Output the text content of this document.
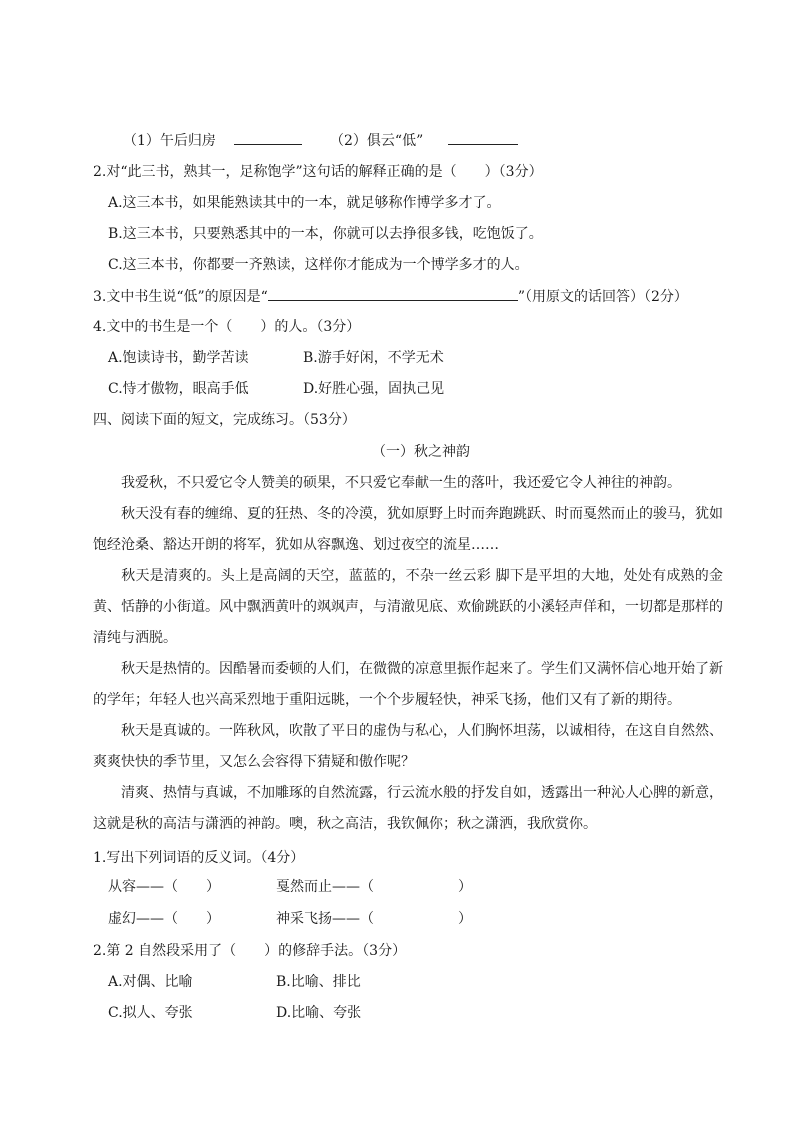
（1）午后归房	（2）俱云“低”
2.对“此三书，熟其一，足称饱学”这句话的解释正确的是（　　）（3分）
A.这三本书，如果能熟读其中的一本，就足够称作博学多才了。
B.这三本书，只要熟悉其中的一本，你就可以去挣很多钱，吃饱饭了。
C.这三本书，你都要一齐熟读，这样你才能成为一个博学多才的人。
3.文中书生说“低”的原因是“	”（用原文的话回答）（2分）
4.文中的书生是一个（　　）的人。（3分）
A.饱读诗书，勤学苦读	B.游手好闲，不学无术
C.恃才傲物，眼高手低	D.好胜心强，固执己见
四、阅读下面的短文，完成练习。（53分）
（一）秋之神韵
我爱秋，不只爱它令人赞美的硕果，不只爱它奉献一生的落叶，我还爱它令人神往的神韵。
秋天没有春的缠绵、夏的狂热、冬的冷漠，犹如原野上时而奔跑跳跃、时而戛然而止的骏马，犹如饱经沧桑、豁达开朗的将军，犹如从容飘逸、划过夜空的流星……
秋天是清爽的。头上是高阔的天空，蓝蓝的，不杂一丝云彩 脚下是平坦的大地，处处有成熟的金黄、恬静的小街道。风中飘洒黄叶的飒飒声，与清澈见底、欢偷跳跃的小溪轻声佯和，一切都是那样的清纯与洒脱。
秋天是热情的。因酷暑而委顿的人们，在微微的凉意里振作起来了。学生们又满怀信心地开始了新的学年；年轻人也兴高采烈地于重阳远眺，一个个步履轻快，神采飞扬，他们又有了新的期待。
秋天是真诚的。一阵秋风，吹散了平日的虚伪与私心，人们胸怀坦荡，以诚相待，在这自自然然、爽爽快快的季节里，又怎么会容得下猜疑和傲作呢？
清爽、热情与真诚，不加雕琢的自然流露，行云流水般的抒发自如，透露出一种沁人心脾的新意，这就是秋的高洁与潇洒的神韵。噢，秋之高洁，我钦佩你；秋之潇洒，我欣赏你。
1.写出下列词语的反义词。（4分）
从容——（　　）	戛然而止——（　　　　　　）
虚幻——（　　）	神采飞扬——（　　　　　　）
2.第 2 自然段采用了（　　）的修辞手法。（3分）
A.对偶、比喻	B.比喻、排比
C.拟人、夸张	D.比喻、夸张
